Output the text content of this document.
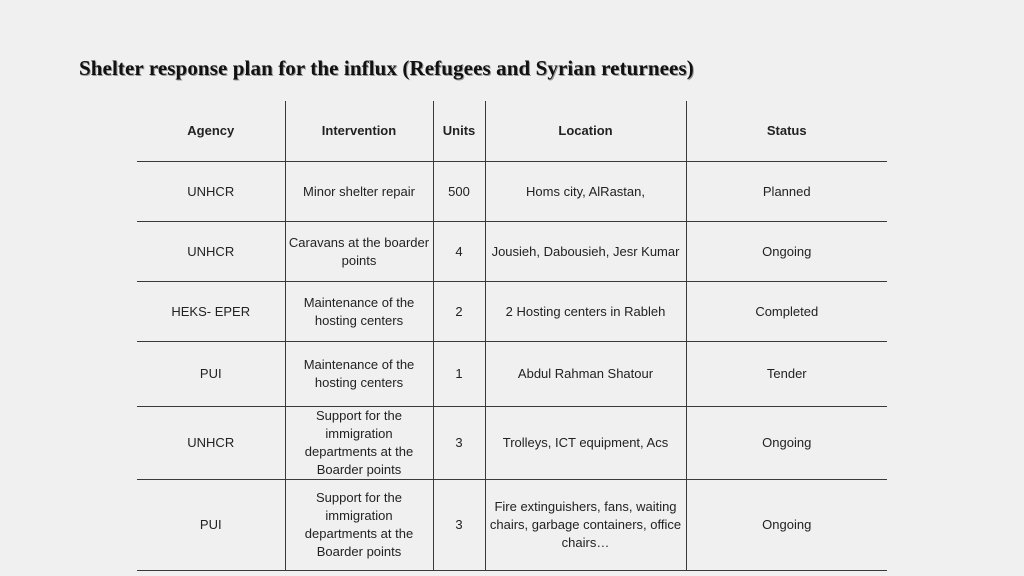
Shelter response plan for the influx (Refugees and Syrian returnees)
Agency	Intervention	Units	Location	Status
UNHCR	Minor shelter repair	500	Homs city, AlRastan,	Planned
UNHCR	Caravans at the boarder points	4	Jousieh, Dabousieh, Jesr Kumar	Ongoing
HEKS- EPER	Maintenance of the hosting centers	2	2 Hosting centers in Rableh	Completed
PUI	Maintenance of the hosting centers	1	Abdul Rahman Shatour	Tender
UNHCR	Support for the immigration departments at the Boarder points	3	Trolleys, ICT equipment, Acs	Ongoing
PUI	Support for the immigration departments at the Boarder points	3	Fire extinguishers, fans, waiting chairs, garbage containers, office chairs…	Ongoing
